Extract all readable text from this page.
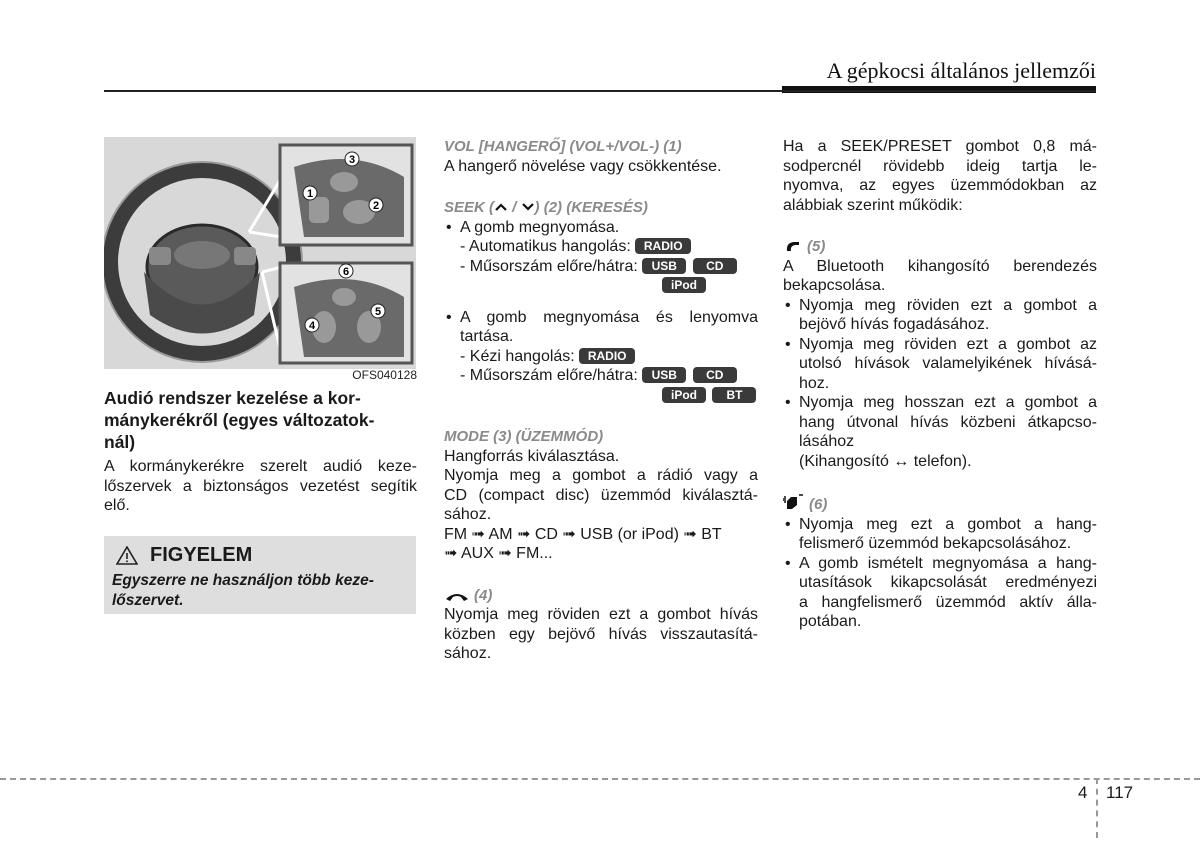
A gépkocsi általános jellemzői
1
2
3
4
5
6
OFS040128
Audió rendszer kezelése a kor-
mánykerékről (egyes változatok-
nál)
A kormánykerékre szerelt audió keze-
lőszervek a biztonságos vezetést segítik
elő.
FIGYELEM
Egyszerre ne használjon több keze-
lőszervet.

VOL [HANGERŐ] (VOL+/VOL-) (1)

A hangerő növelése vagy csökkentése.

SEEK ( / ) (2) (KERESÉS)

• A gomb megnyomása.

- Automatikus hangolás: RADIO

- Műsorszám előre/hátra: USB CD

iPod

• A gomb megnyomása és lenyomva
tartása.

- Kézi hangolás: RADIO

- Műsorszám előre/hátra: USB CD

iPod BT

MODE (3) (ÜZEMMÓD)

Hangforrás kiválasztása.
Nyomja meg a gombot a rádió vagy a
CD (compact disc) üzemmód kiválasztá-
sához.
FM ➟ AM ➟ CD ➟ USB (or iPod) ➟ BT
➟ AUX ➟ FM...

(4)

Nyomja meg röviden ezt a gombot hívás
közben egy bejövő hívás visszautasítá-
sához.
Ha a SEEK/PRESET gombot 0,8 má-
sodpercnél rövidebb ideig tartja le-
nyomva, az egyes üzemmódokban az
alábbiak szerint működik:

(5)

A Bluetooth kihangosító berendezés
bekapcsolása.
• Nyomja meg röviden ezt a gombot a
bejövő hívás fogadásához.
• Nyomja meg röviden ezt a gombot az
utolsó hívások valamelyikének hívásá-
hoz.
• Nyomja meg hosszan ezt a gombot a
hang útvonal hívás közbeni átkapcso-
lásához

(Kihangosító ↔ telefon).

(6)

• Nyomja meg ezt a gombot a hang-
felismerő üzemmód bekapcsolásához.
• A gomb ismételt megnyomása a hang-
utasítások kikapcsolását eredményezi
a hangfelismerő üzemmód aktív álla-
potában.
4 117
